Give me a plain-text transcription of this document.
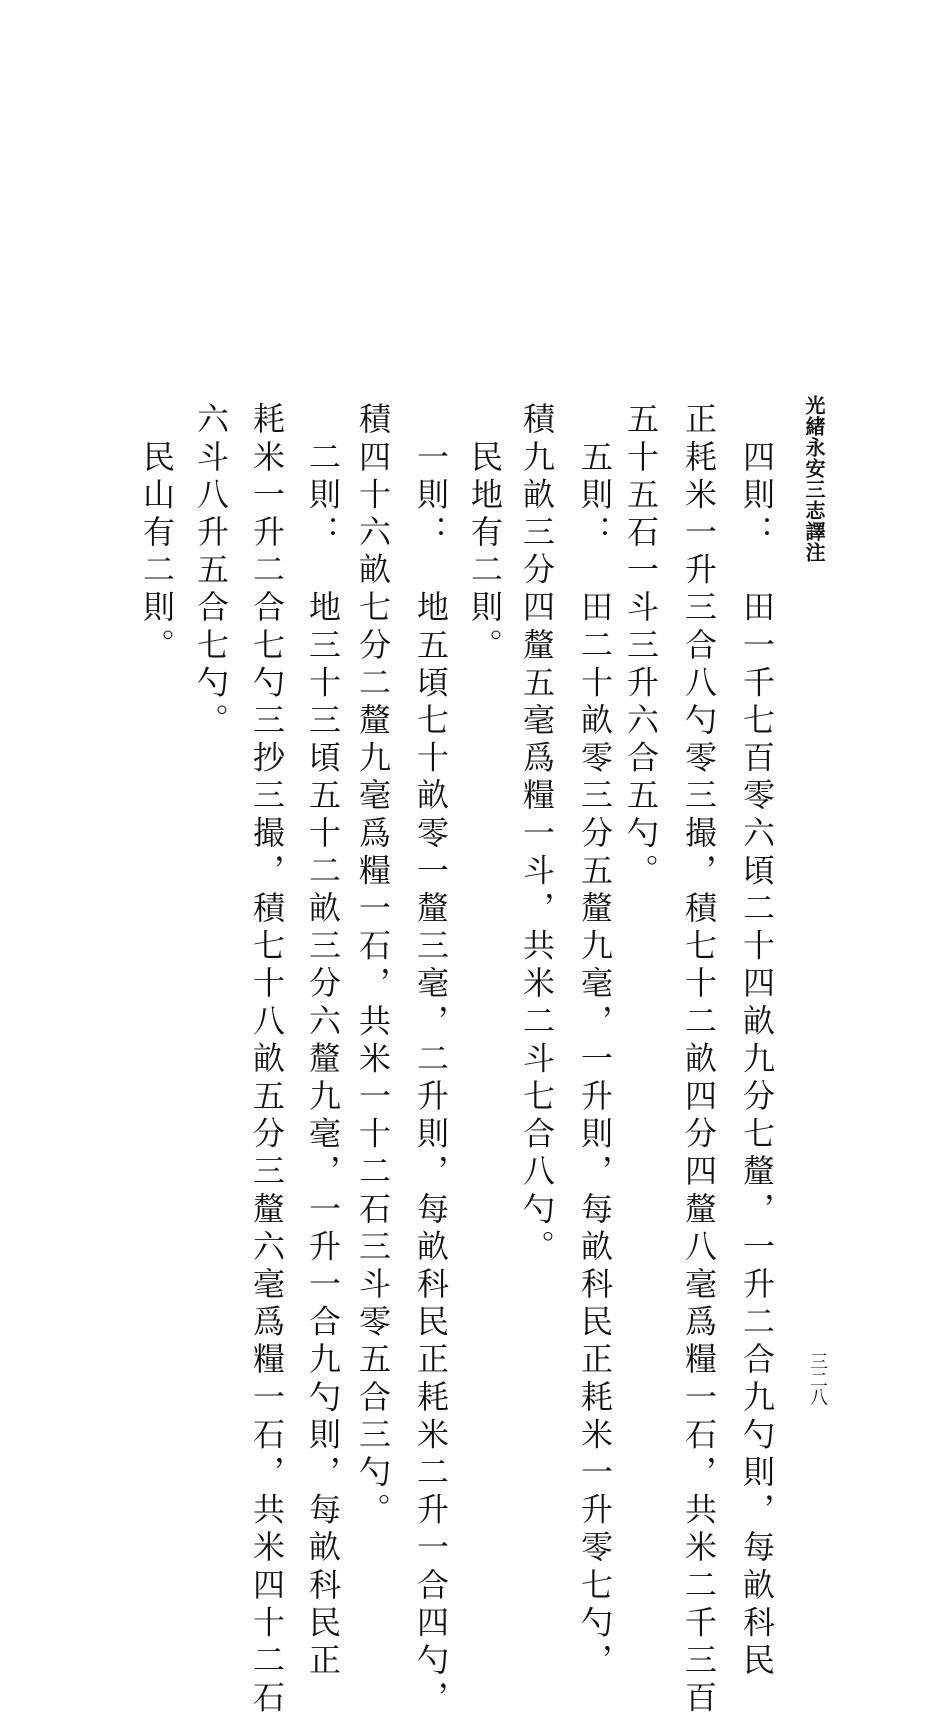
光緒永安三志譯注
三二八
　四則：　田一千七百零六頃二十四畝九分七釐，一升二合九勺則，每畝科民
正耗米一升三合八勺零三撮，積七十二畝四分四釐八毫爲糧一石，共米二千三百
五十五石一斗三升六合五勺。
　五則：　田二十畝零三分五釐九毫，一升則，每畝科民正耗米一升零七勺，
積九畝三分四釐五毫爲糧一斗，共米二斗七合八勺。
　民地有二則。
　一則：　地五頃七十畝零一釐三毫，二升則，每畝科民正耗米二升一合四勺，
積四十六畝七分二釐九毫爲糧一石，共米一十二石三斗零五合三勺。
　二則：　地三十三頃五十二畝三分六釐九毫，一升一合九勺則，每畝科民正
耗米一升二合七勺三抄三撮，積七十八畝五分三釐六毫爲糧一石，共米四十二石
六斗八升五合七勺。
　民山有二則。
